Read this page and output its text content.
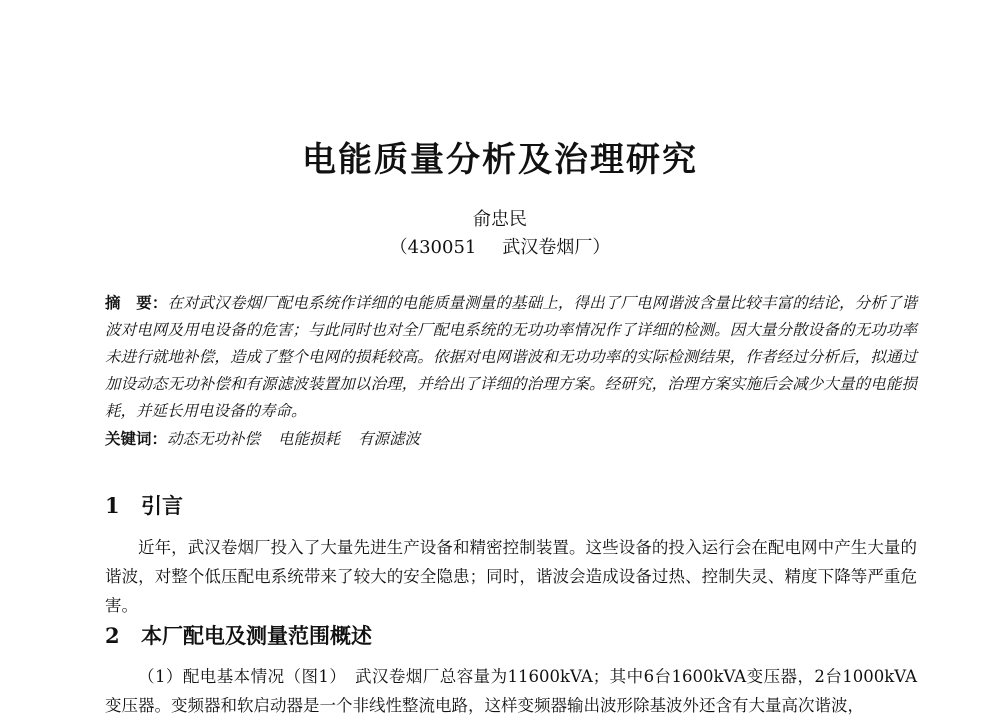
电能质量分析及治理研究
俞忠民
（430051 武汉卷烟厂）
摘　要：在对武汉卷烟厂配电系统作详细的电能质量测量的基础上，得出了厂电网谐波含量比较丰富的结论，分析了谐波对电网及用电设备的危害；与此同时也对全厂配电系统的无功功率情况作了详细的检测。因大量分散设备的无功功率未进行就地补偿，造成了整个电网的损耗较高。依据对电网谐波和无功功率的实际检测结果，作者经过分析后，拟通过加设动态无功补偿和有源滤波装置加以治理，并给出了详细的治理方案。经研究，治理方案实施后会减少大量的电能损耗，并延长用电设备的寿命。
关键词：动态无功补偿 电能损耗 有源滤波
1 引言
近年，武汉卷烟厂投入了大量先进生产设备和精密控制装置。这些设备的投入运行会在配电网中产生大量的谐波，对整个低压配电系统带来了较大的安全隐患；同时，谐波会造成设备过热、控制失灵、精度下降等严重危害。
2 本厂配电及测量范围概述
（1）配电基本情况（图1）　武汉卷烟厂总容量为11600kVA；其中6台1600kVA变压器，2台1000kVA变压器。变频器和软启动器是一个非线性整流电路，这样变频器输出波形除基波外还含有大量高次谐波，
